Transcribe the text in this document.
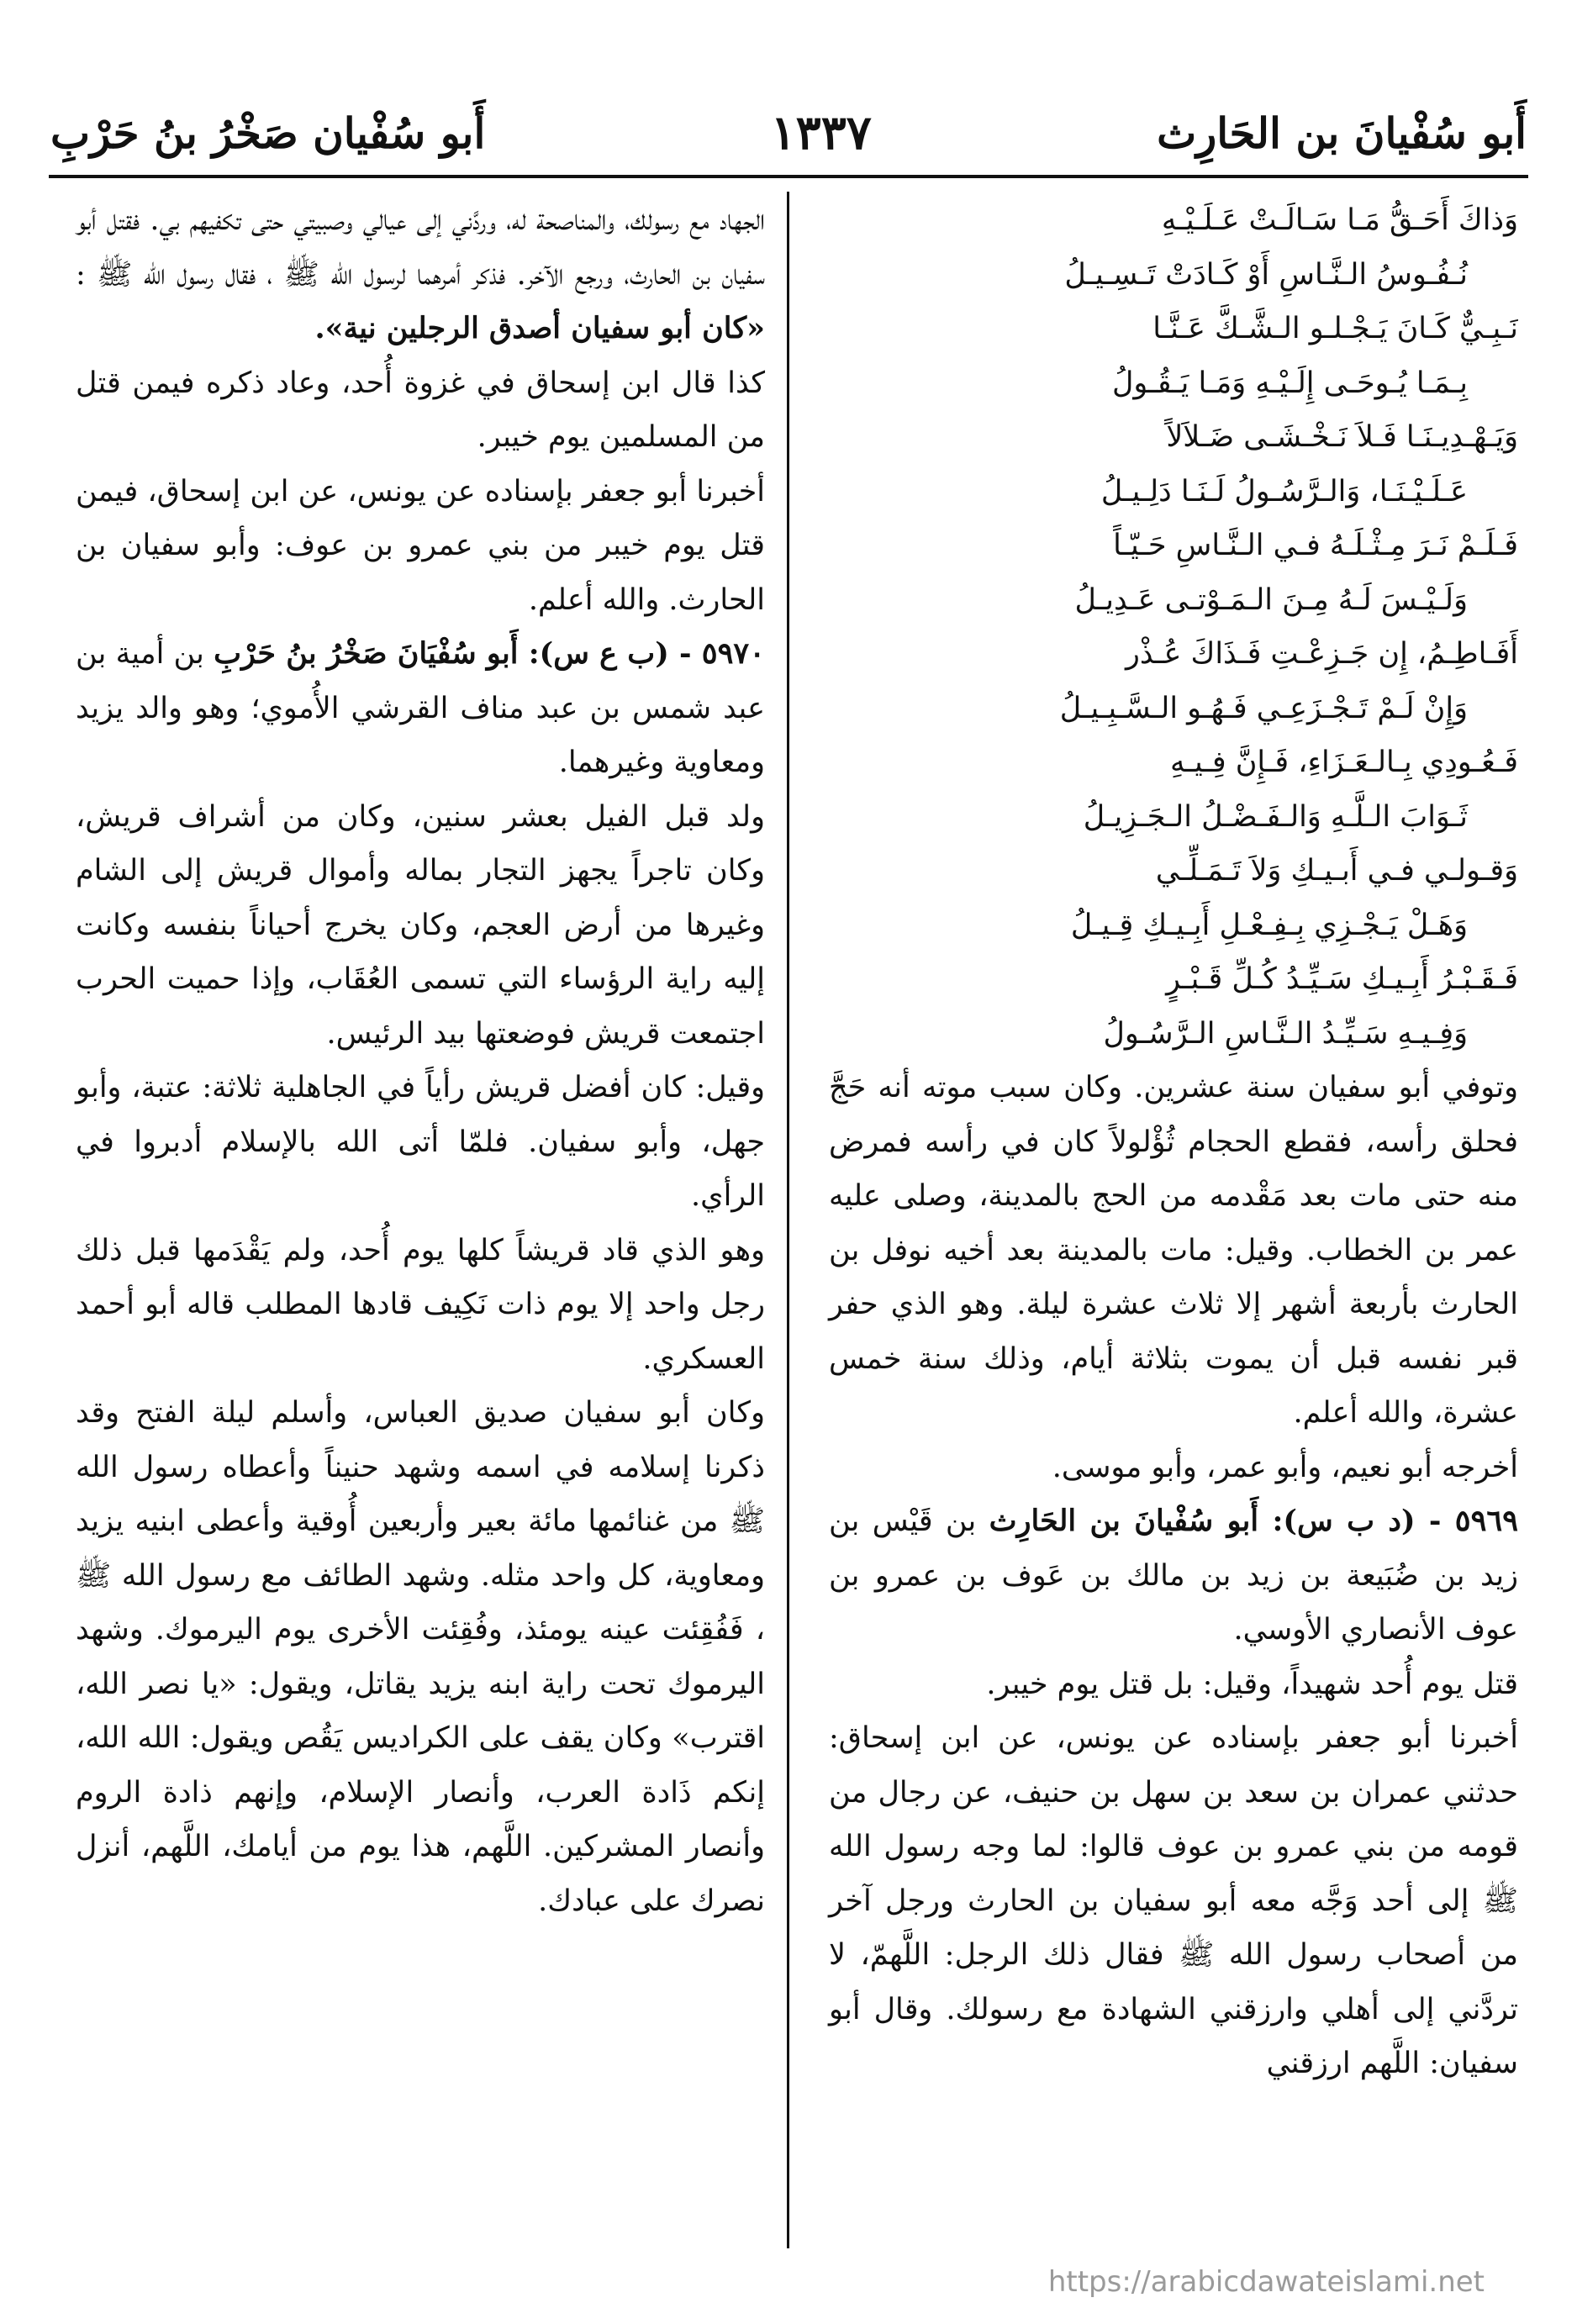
أَبو سُفْيانَ بن الحَارِث
١٣٣٧
أَبو سُفْيان صَخْرُ بنُ حَرْبِ

وَذاكَ أَحَـقُّ مَـا سَـالَـتْ عَـلَـيْـهِ

نُـفُـوسُ الـنَّـاسِ أَوْ كَـادَتْ تَـسِـيـلُ

نَـبِـيٌّ كَـانَ يَـجْـلـو الـشَّـكَّ عَـنَّـا

بِـمَـا يُـوحَـى إِلَـيْـهِ وَمَـا يَـقُـولُ

وَيَـهْـدِيـنَـا فَـلاَ نَـخْـشَـى ضَـلاَلاً

عَـلَـيْـنَـا، وَالـرَّسُـولُ لَـنَـا دَلِـيـلُ

فَـلَـمْ نَـرَ مِـثْـلَـهُ فـي الـنَّـاسِ حَـيّـاً

وَلَـيْـسَ لَـهُ مِـنَ الـمَـوْتـى عَـدِيـلُ

أَفَـاطِـمُ، إِن جَـزِعْـتِ فَـذَاكَ عُـذْر

وَإِنْ لَـمْ تَـجْـزَعِـي فَـهُـو الـسَّـبِـيـلُ

فَـعُـودِي بِـالـعَـزَاءِ، فَـإِنَّ فِـيـهِ

ثَـوَابَ الـلَّـهِ وَالـفَـضْـلُ الـجَـزِيـلُ

وَقـولـي فـي أَبـيـكِ وَلاَ تَـمَـلِّـي

وَهَـلْ يَـجْـزِي بِـفِـعْـلِ أَبِـيـكِ قِـيـلُ

فَـقَـبْـرُ أَبِـيـكِ سَـيِّـدُ كُـلِّ قَـبْـرٍ

وَفِـيـهِ سَـيِّـدُ الـنَّـاسِ الـرَّسُـولُ

وتوفي أبو سفيان سنة عشرين. وكان سبب موته أنه حَجَّ فحلق رأسه، فقطع الحجام ثُؤْلولاً كان في رأسه فمرض منه حتى مات بعد مَقْدمه من الحج بالمدينة، وصلى عليه عمر بن الخطاب. وقيل: مات بالمدينة بعد أخيه نوفل بن الحارث بأربعة أشهر إلا ثلاث عشرة ليلة. وهو الذي حفر قبر نفسه قبل أن يموت بثلاثة أيام، وذلك سنة خمس عشرة، والله أعلم.

أخرجه أبو نعيم، وأبو عمر، وأبو موسى.

٥٩٦٩ - (د ب س): أَبو سُفْيانَ بن الحَارِث بن قَيْس بن زيد بن ضُبَيعة بن زيد بن مالك بن عَوف بن عمرو بن عوف الأنصاري الأوسي.

قتل يوم أُحد شهيداً، وقيل: بل قتل يوم خيبر.

أخبرنا أبو جعفر بإسناده عن يونس، عن ابن إسحاق: حدثني عمران بن سعد بن سهل بن حنيف، عن رجال من قومه من بني عمرو بن عوف قالوا: لما وجه رسول الله ﷺ إلى أحد وَجَّه معه أبو سفيان بن الحارث ورجل آخر من أصحاب رسول الله ﷺ فقال ذلك الرجل: اللَّهمّ، لا تردَّني إلى أهلي وارزقني الشهادة مع رسولك. وقال أبو سفيان: اللَّهم ارزقني

الجهاد مع رسولك، والمناصحة له، وردَّني إلى عيالي وصبيتي حتى تكفيهم بي. فقتل أبو سفيان بن الحارث، ورجع الآخر. فذكر أمرهما لرسول الله ﷺ ، فقال رسول الله ﷺ : «كان أبو سفيان أصدق الرجلين نية».

كذا قال ابن إسحاق في غزوة أُحد، وعاد ذكره فيمن قتل من المسلمين يوم خيبر.

أخبرنا أبو جعفر بإسناده عن يونس، عن ابن إسحاق، فيمن قتل يوم خيبر من بني عمرو بن عوف: وأبو سفيان بن الحارث. والله أعلم.

٥٩٧٠ - (ب ع س): أَبو سُفْيَانَ صَخْرُ بنُ حَرْبِ بن أمية بن عبد شمس بن عبد مناف القرشي الأُموي؛ وهو والد يزيد ومعاوية وغيرهما.

ولد قبل الفيل بعشر سنين، وكان من أشراف قريش، وكان تاجراً يجهز التجار بماله وأموال قريش إلى الشام وغيرها من أرض العجم، وكان يخرج أحياناً بنفسه وكانت إليه راية الرؤساء التي تسمى العُقَاب، وإذا حميت الحرب اجتمعت قريش فوضعتها بيد الرئيس.

وقيل: كان أفضل قريش رأياً في الجاهلية ثلاثة: عتبة، وأبو جهل، وأبو سفيان. فلمّا أتى الله بالإسلام أدبروا في الرأي.

وهو الذي قاد قريشاً كلها يوم أُحد، ولم يَقْدَمها قبل ذلك رجل واحد إلا يوم ذات نَكِيف قادها المطلب قاله أبو أحمد العسكري.

وكان أبو سفيان صديق العباس، وأسلم ليلة الفتح وقد ذكرنا إسلامه في اسمه وشهد حنيناً وأعطاه رسول الله ﷺ من غنائمها مائة بعير وأربعين أُوقية وأعطى ابنيه يزيد ومعاوية، كل واحد مثله. وشهد الطائف مع رسول الله ﷺ ، فَفُقِئت عينه يومئذ، وفُقِئت الأخرى يوم اليرموك. وشهد اليرموك تحت راية ابنه يزيد يقاتل، ويقول: «يا نصر الله، اقترب» وكان يقف على الكراديس يَقُص ويقول: الله الله، إنكم ذَادة العرب، وأنصار الإسلام، وإنهم ذادة الروم وأنصار المشركين. اللَّهم، هذا يوم من أيامك، اللَّهم، أنزل نصرك على عبادك.

https://arabicdawateislami.net
